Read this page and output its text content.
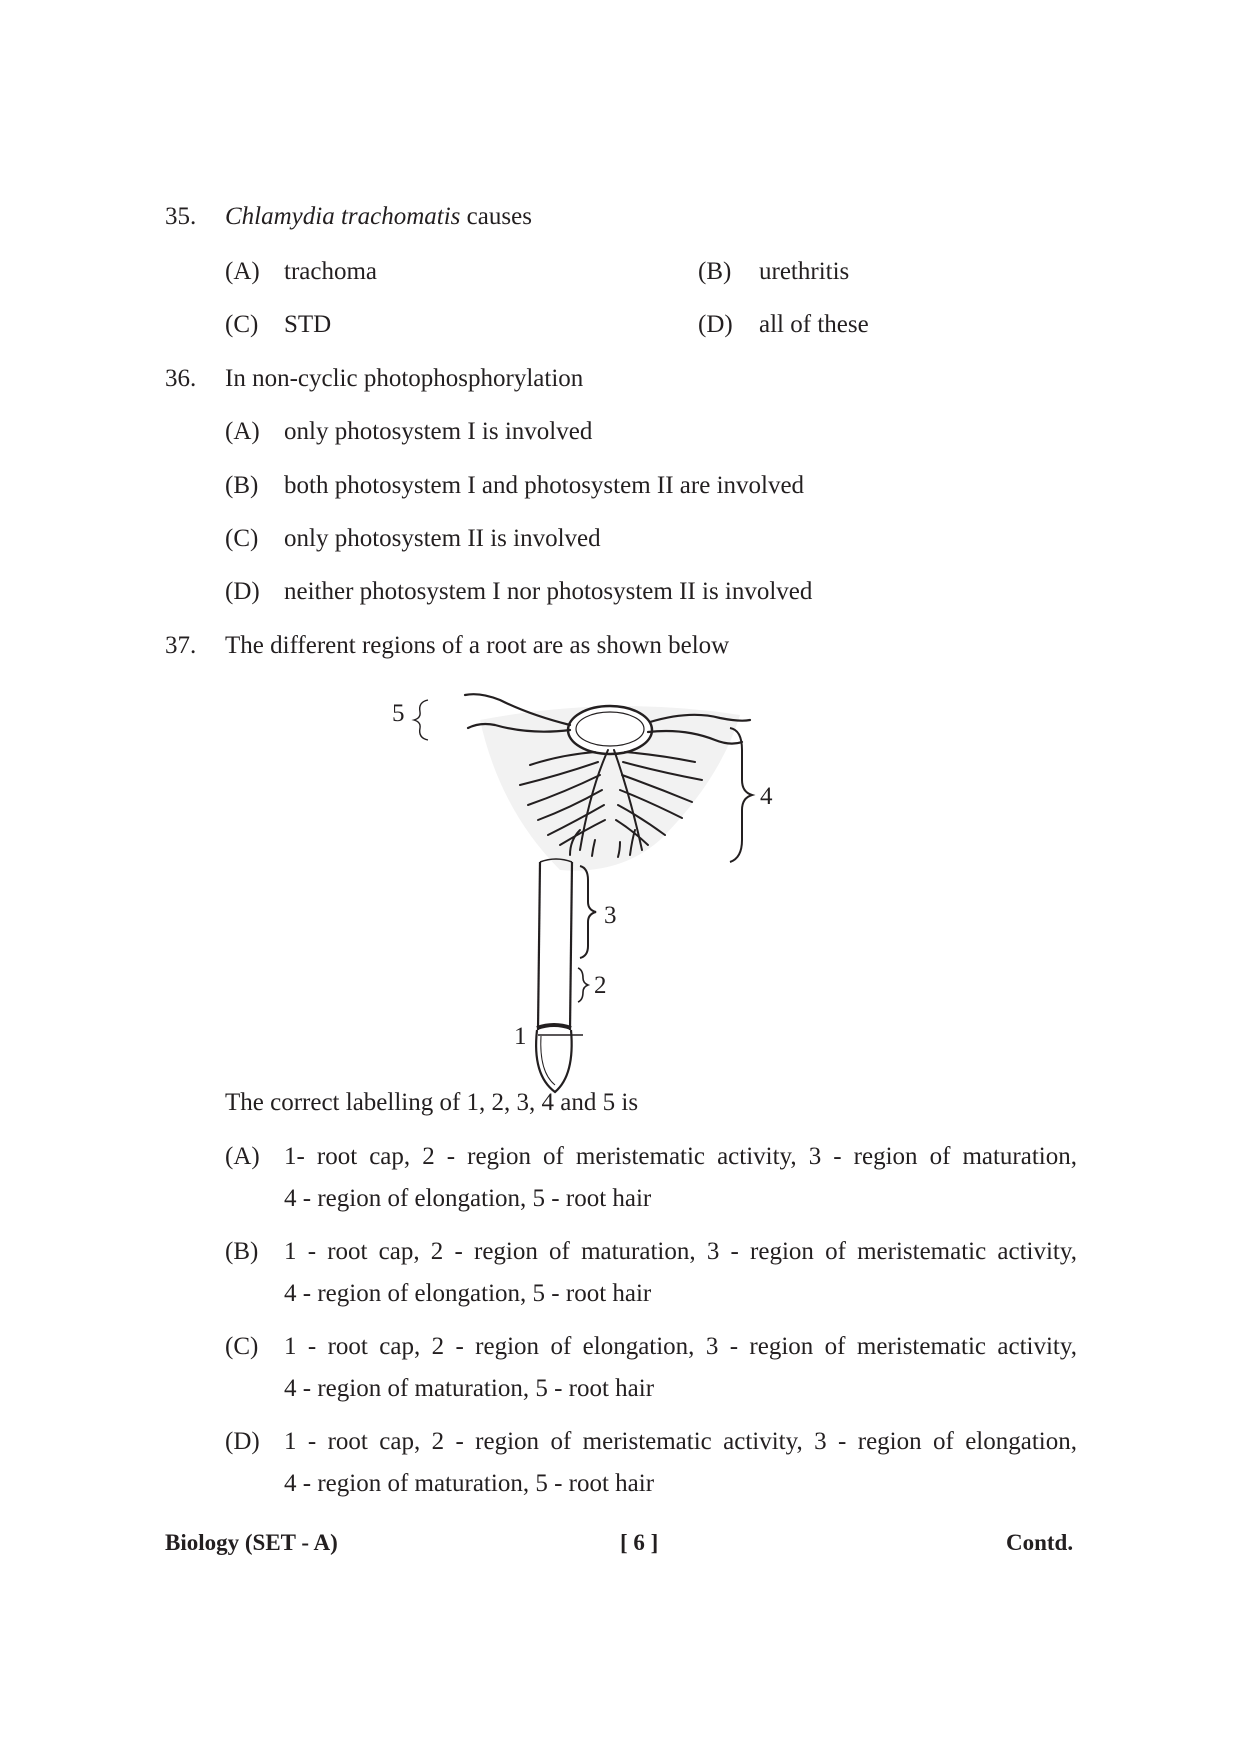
35. Chlamydia trachomatis causes
(A) trachoma	(B) urethritis
(C) STD	(D) all of these
36. In non-cyclic photophosphorylation
(A) only photosystem I is involved
(B) both photosystem I and photosystem II are involved
(C) only photosystem II is involved
(D) neither photosystem I nor photosystem II is involved
37. The different regions of a root are as shown below
5
4
3
2
1
The correct labelling of 1, 2, 3, 4 and 5 is
(A) 1- root cap, 2 - region of meristematic activity, 3 - region of maturation,
4 - region of elongation, 5 - root hair
(B) 1 - root cap, 2 - region of maturation, 3 - region of meristematic activity,
4 - region of elongation, 5 - root hair
(C) 1 - root cap, 2 - region of elongation, 3 - region of meristematic activity,
4 - region of maturation, 5 - root hair
(D) 1 - root cap, 2 - region of meristematic activity, 3 - region of elongation,
4 - region of maturation, 5 - root hair
Biology (SET - A)	[ 6 ]	Contd.
